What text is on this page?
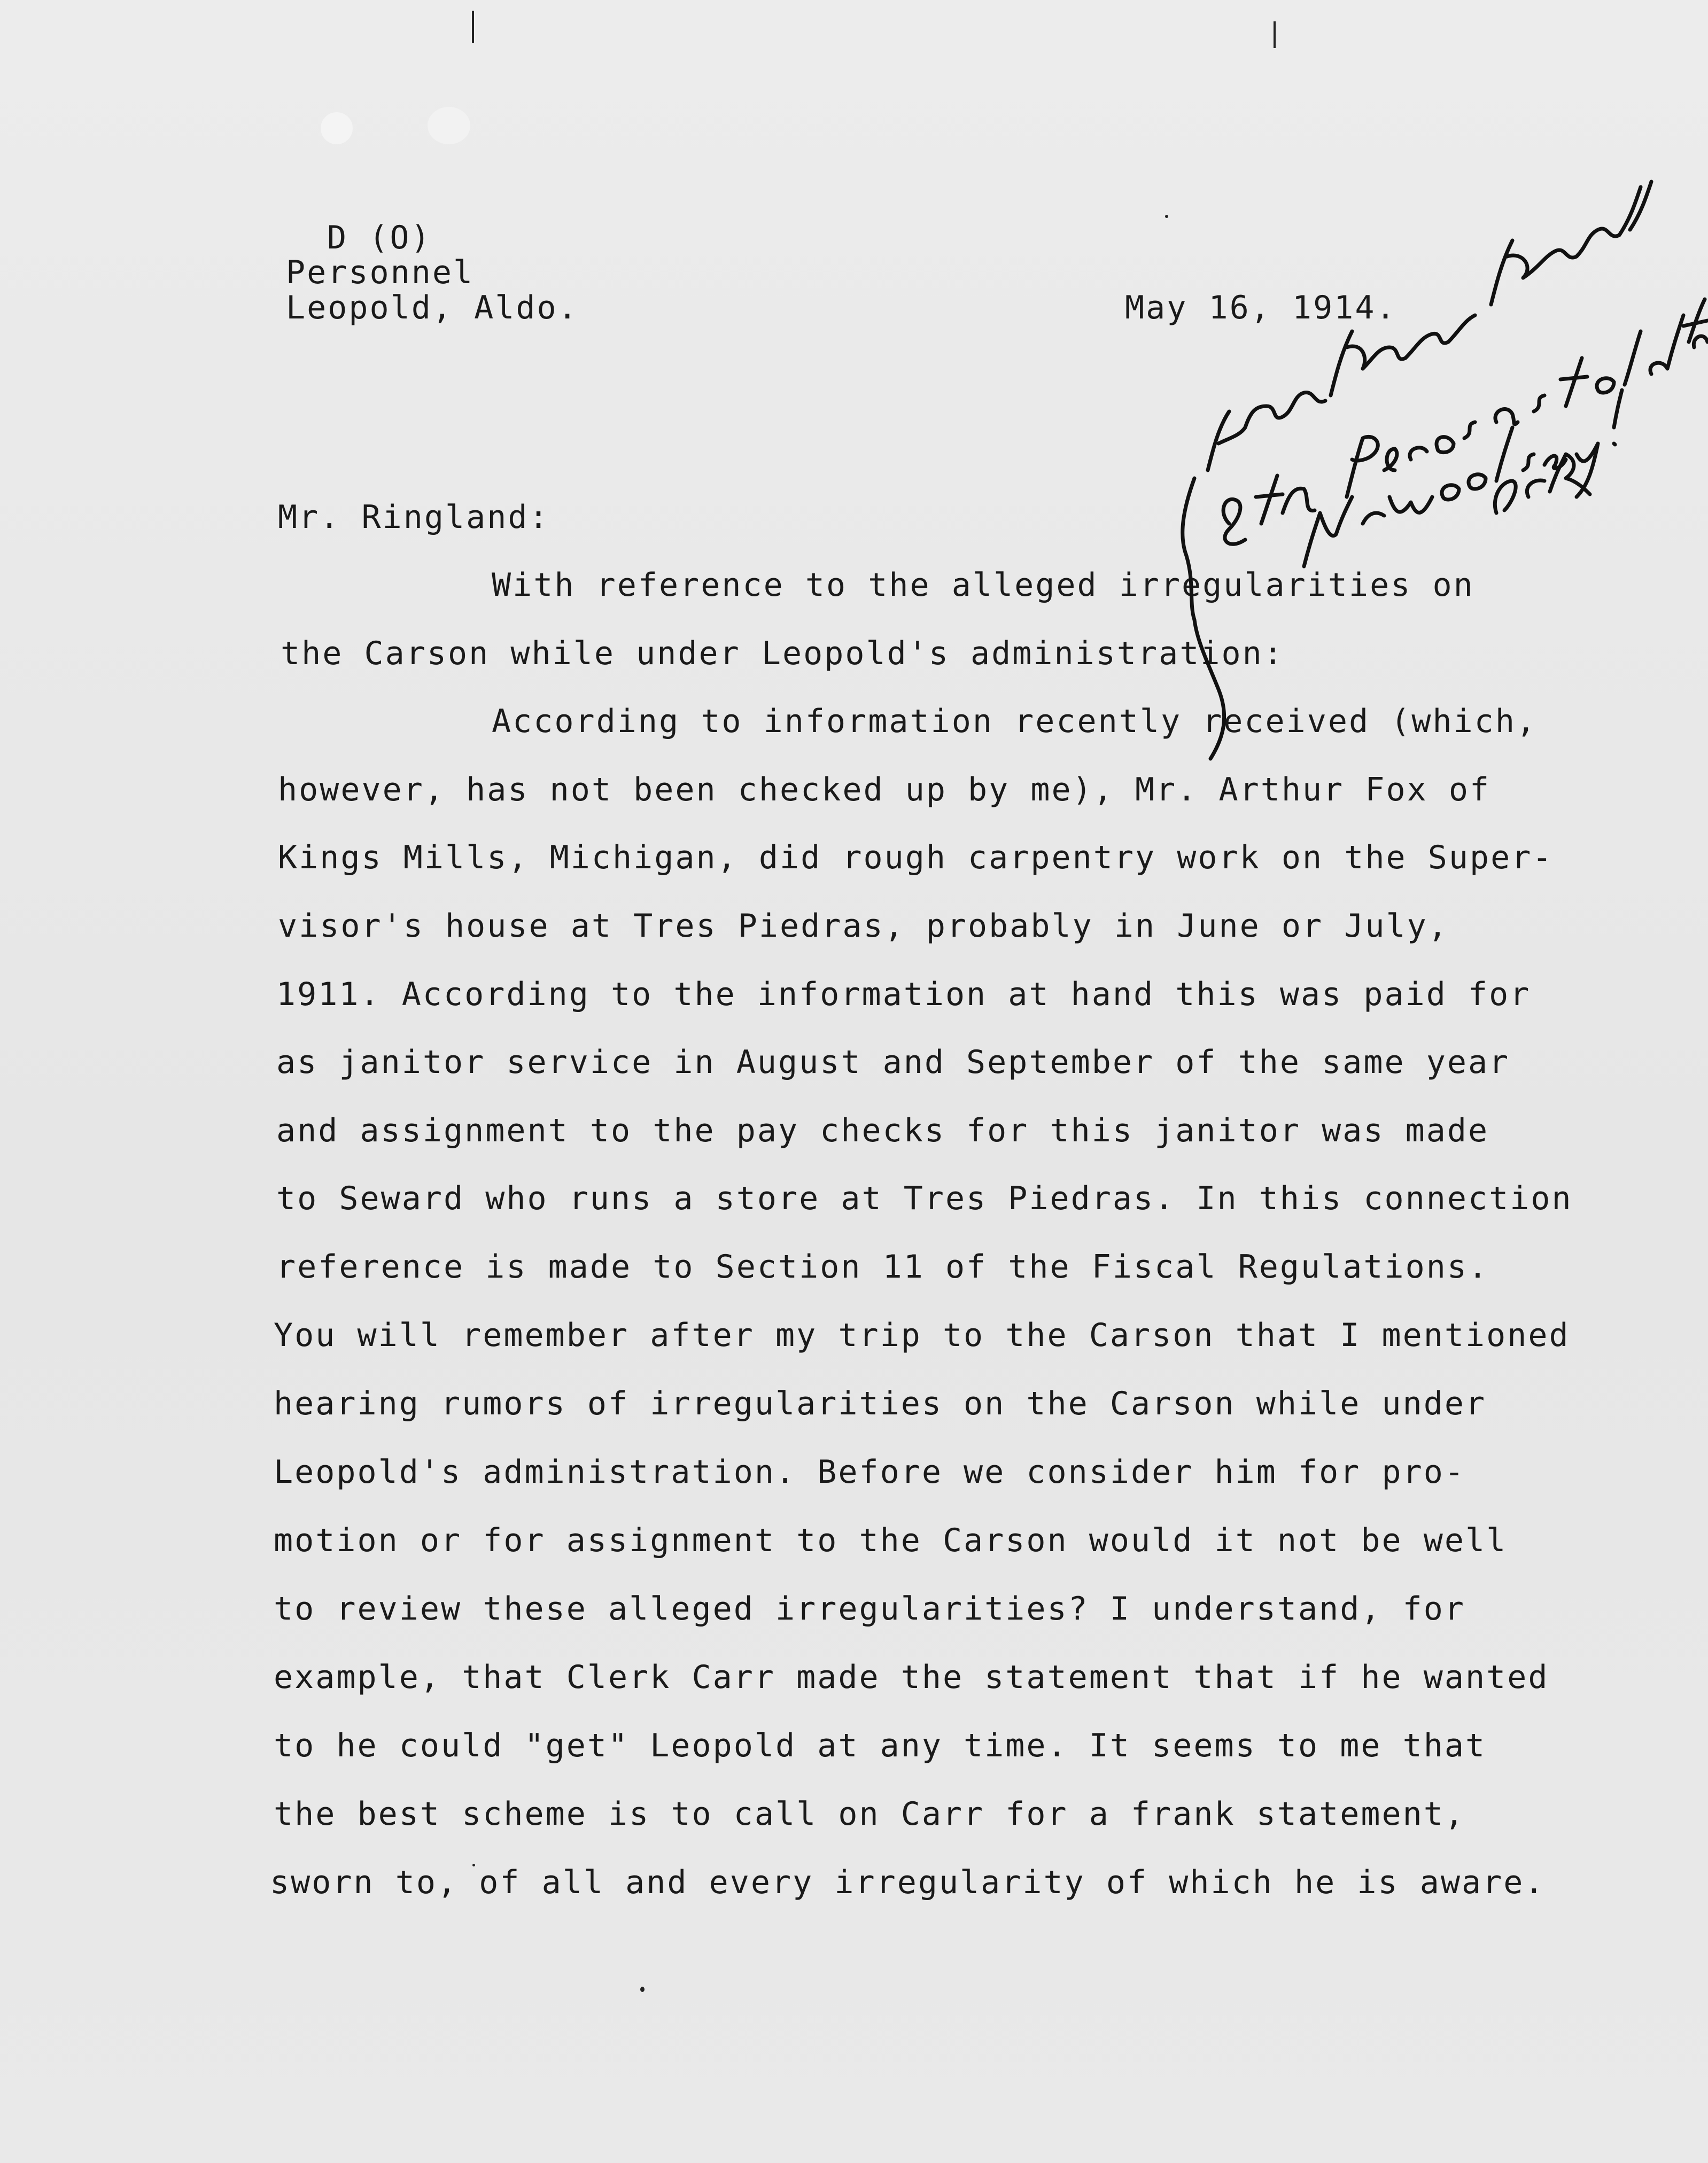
D (O)
Personnel
Leopold, Aldo.	May 16, 1914.
Mr. Ringland:
With reference to the alleged irregularities on
the Carson while under Leopold's administration:
According to information recently received (which,
however, has not been checked up by me), Mr. Arthur Fox of
Kings Mills, Michigan, did rough carpentry work on the Super-
visor's house at Tres Piedras, probably in June or July,
1911. According to the information at hand this was paid for
as janitor service in August and September of the same year
and assignment to the pay checks for this janitor was made
to Seward who runs a store at Tres Piedras. In this connection
reference is made to Section 11 of the Fiscal Regulations.
You will remember after my trip to the Carson that I mentioned
hearing rumors of irregularities on the Carson while under
Leopold's administration. Before we consider him for pro-
motion or for assignment to the Carson would it not be well
to review these alleged irregularities? I understand, for
example, that Clerk Carr made the statement that if he wanted
to he could "get" Leopold at any time. It seems to me that
the best scheme is to call on Carr for a frank statement,
sworn to, of all and every irregularity of which he is aware.
